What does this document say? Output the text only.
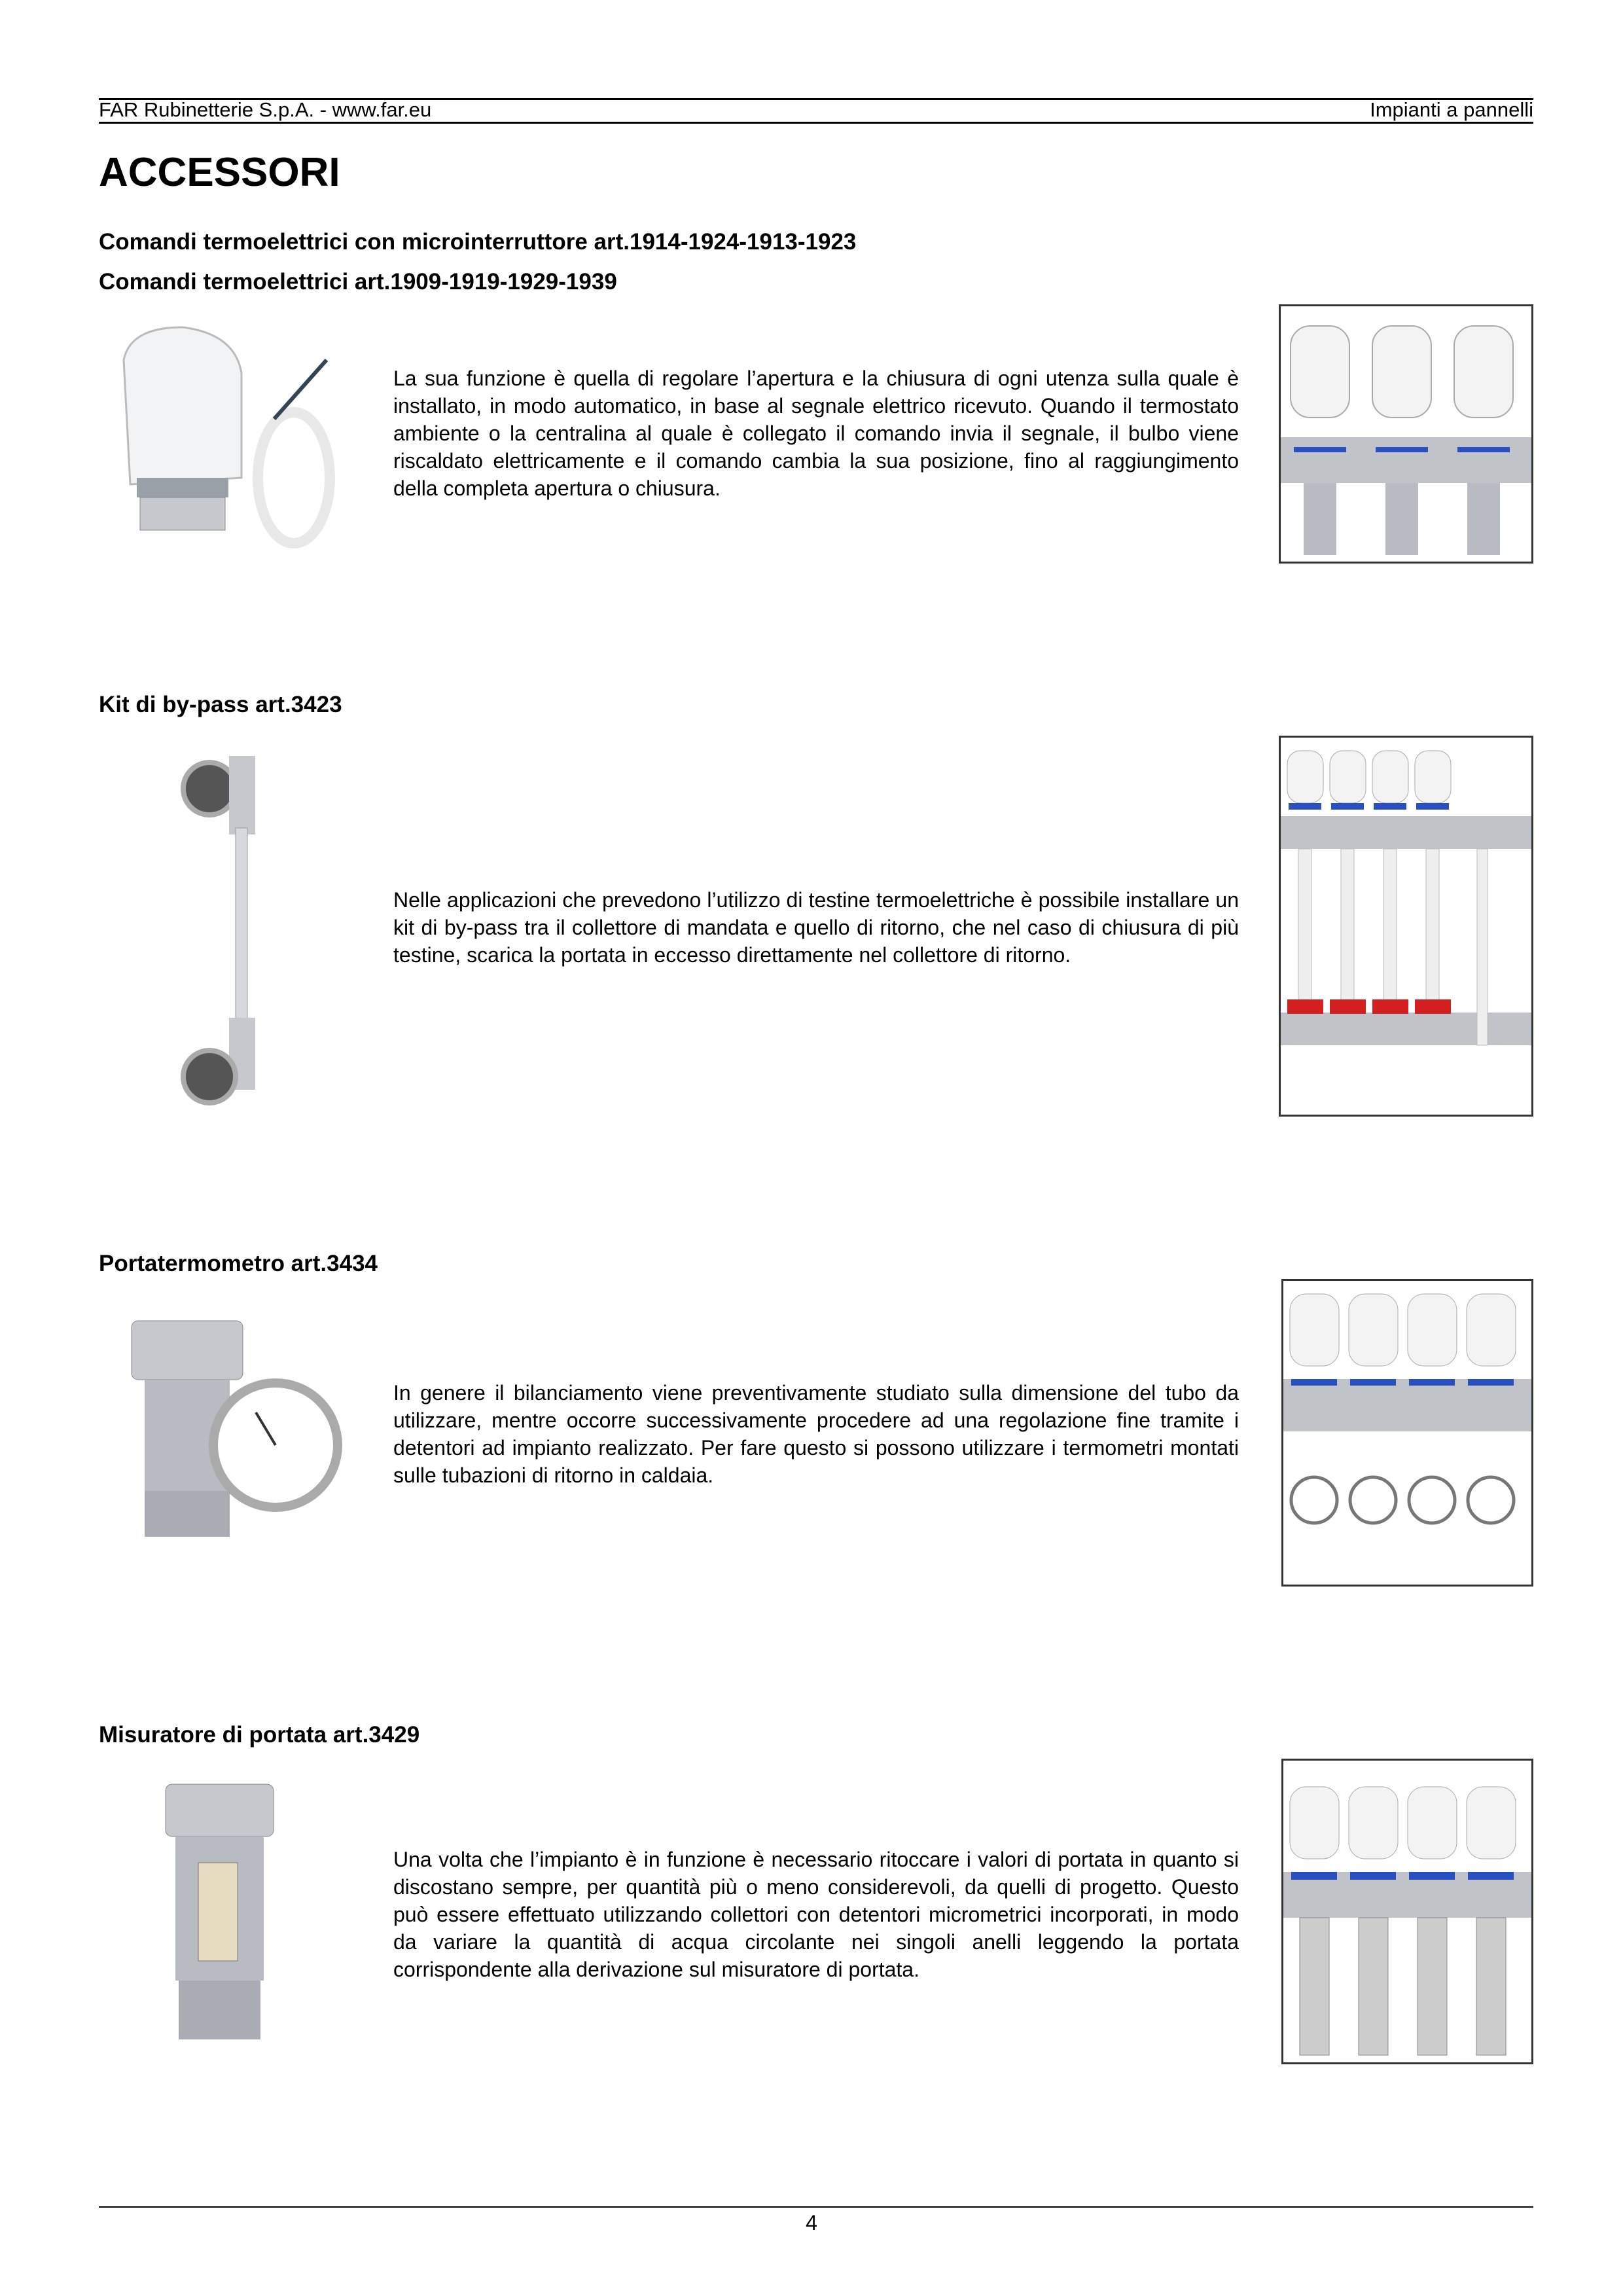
FAR Rubinetterie S.p.A. - www.far.eu	Impianti a pannelli
ACCESSORI
Comandi termoelettrici con microinterruttore art.1914-1924-1913-1923
Comandi termoelettrici art.1909-1919-1929-1939
La sua funzione è quella di regolare l’apertura e la chiusura di ogni utenza sulla quale è installato, in modo automatico, in base al segnale elettrico ricevuto. Quando il termostato ambiente o la centralina al quale è collegato il comando invia il segnale, il bulbo viene riscaldato elettricamente e il comando cambia la sua posizione, fino al raggiungimento della completa apertura o chiusura.
Kit di by-pass art.3423
Nelle applicazioni che prevedono l’utilizzo di testine termoelettriche è possibile installare un kit di by-pass tra il collettore di mandata e quello di ritorno, che nel caso di chiusura di più testine, scarica la portata in eccesso direttamente nel collettore di ritorno.
Portatermometro art.3434
In genere il bilanciamento viene preventivamente studiato sulla dimensione del tubo da utilizzare, mentre occorre successivamente procedere ad una regolazione fine tramite i detentori ad impianto realizzato. Per fare questo si possono utilizzare i termometri montati sulle tubazioni di ritorno in caldaia.
Misuratore di portata art.3429
Una volta che l’impianto è in funzione è necessario ritoccare i valori di portata in quanto si discostano sempre, per quantità più o meno considerevoli, da quelli di progetto. Questo può essere effettuato utilizzando collettori con detentori micrometrici incorporati, in modo da variare la quantità di acqua circolante nei singoli anelli leggendo la portata corrispondente alla derivazione sul misuratore di portata.
4
